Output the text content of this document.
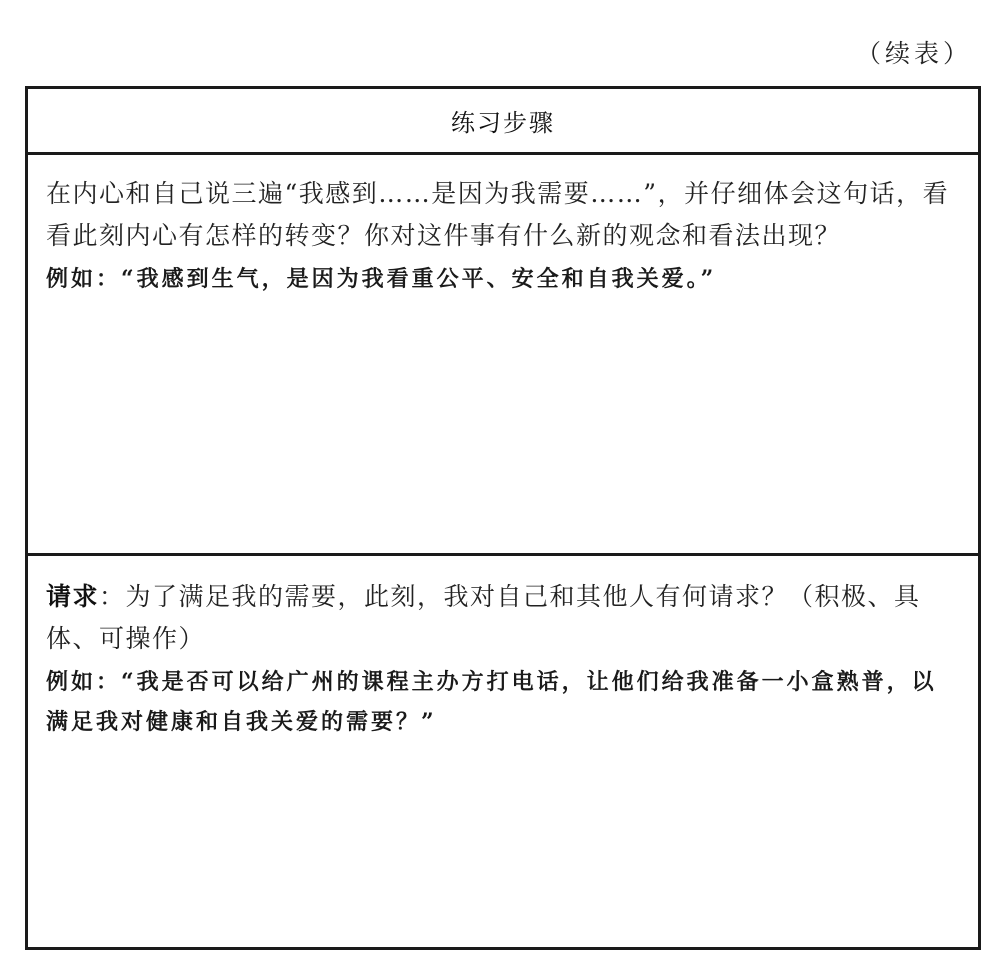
（续表）
练习步骤
在内心和自己说三遍“我感到……是因为我需要……”，并仔细体会这句话，看看此刻内心有怎样的转变？你对这件事有什么新的观念和看法出现？
例如：“我感到生气，是因为我看重公平、安全和自我关爱。”
请求：为了满足我的需要，此刻，我对自己和其他人有何请求？（积极、具体、可操作）
例如：“我是否可以给广州的课程主办方打电话，让他们给我准备一小盒熟普，以满足我对健康和自我关爱的需要？”
